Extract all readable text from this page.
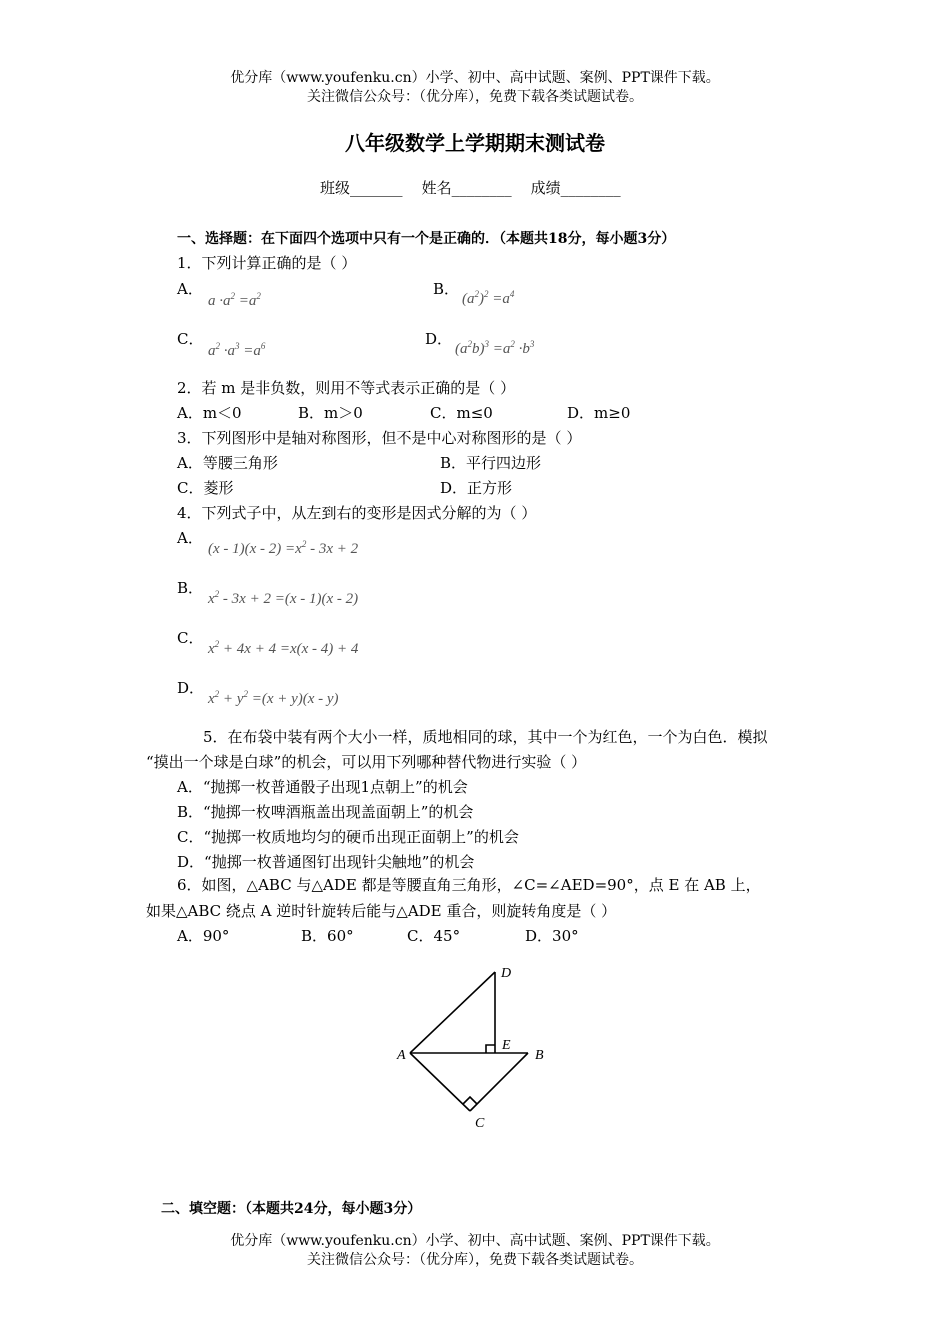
优分库（www.youfenku.cn）小学、初中、高中试题、案例、PPT课件下载。
关注微信公众号：（优分库），免费下载各类试题试卷。
八年级数学上学期期末测试卷
班级_______    姓名________    成绩________
一、选择题：在下面四个选项中只有一个是正确的．（本题共18分，每小题3分）
1．下列计算正确的是（ ）
A．
$a \cdot a^2 =a^2$	B．
$(a^2)^2 =a^4$
C．
$a^2 \cdot a^3 =a^6$	D．
$(a^2b)^3 =a^2 \cdot b^3$
2．若 m 是非负数，则用不等式表示正确的是（ ）
A．m＜0	B．m＞0	C．m≤0	D．m≥0
3．下列图形中是轴对称图形，但不是中心对称图形的是（ ）
A．等腰三角形	B．平行四边形
C．菱形	D．正方形
4．下列式子中，从左到右的变形是因式分解的为（ ）
A．
$(x - 1)(x - 2) =x^2 - 3x + 2$
B．
$x^2 - 3x + 2 =(x - 1)(x - 2)$
C．
$x^2 + 4x + 4 =x(x - 4) + 4$
D．
$x^2 + y^2 =(x + y)(x - y)$
5．在布袋中装有两个大小一样，质地相同的球，其中一个为红色，一个为白色．模拟
“摸出一个球是白球”的机会，可以用下列哪种替代物进行实验（ ）
A．“抛掷一枚普通骰子出现1点朝上”的机会
B．“抛掷一枚啤酒瓶盖出现盖面朝上”的机会
C．“抛掷一枚质地均匀的硬币出现正面朝上”的机会
D．“抛掷一枚普通图钉出现针尖触地”的机会
6．如图，△ABC 与△ADE 都是等腰直角三角形，∠C=∠AED=90°，点 E 在 AB 上，
如果△ABC 绕点 A 逆时针旋转后能与△ADE 重合，则旋转角度是（ ）
A．90°	B．60°	C．45°	D．30°
A	B
C
D
E
二、填空题：（本题共24分，每小题3分）
优分库（www.youfenku.cn）小学、初中、高中试题、案例、PPT课件下载。
关注微信公众号：（优分库），免费下载各类试题试卷。
